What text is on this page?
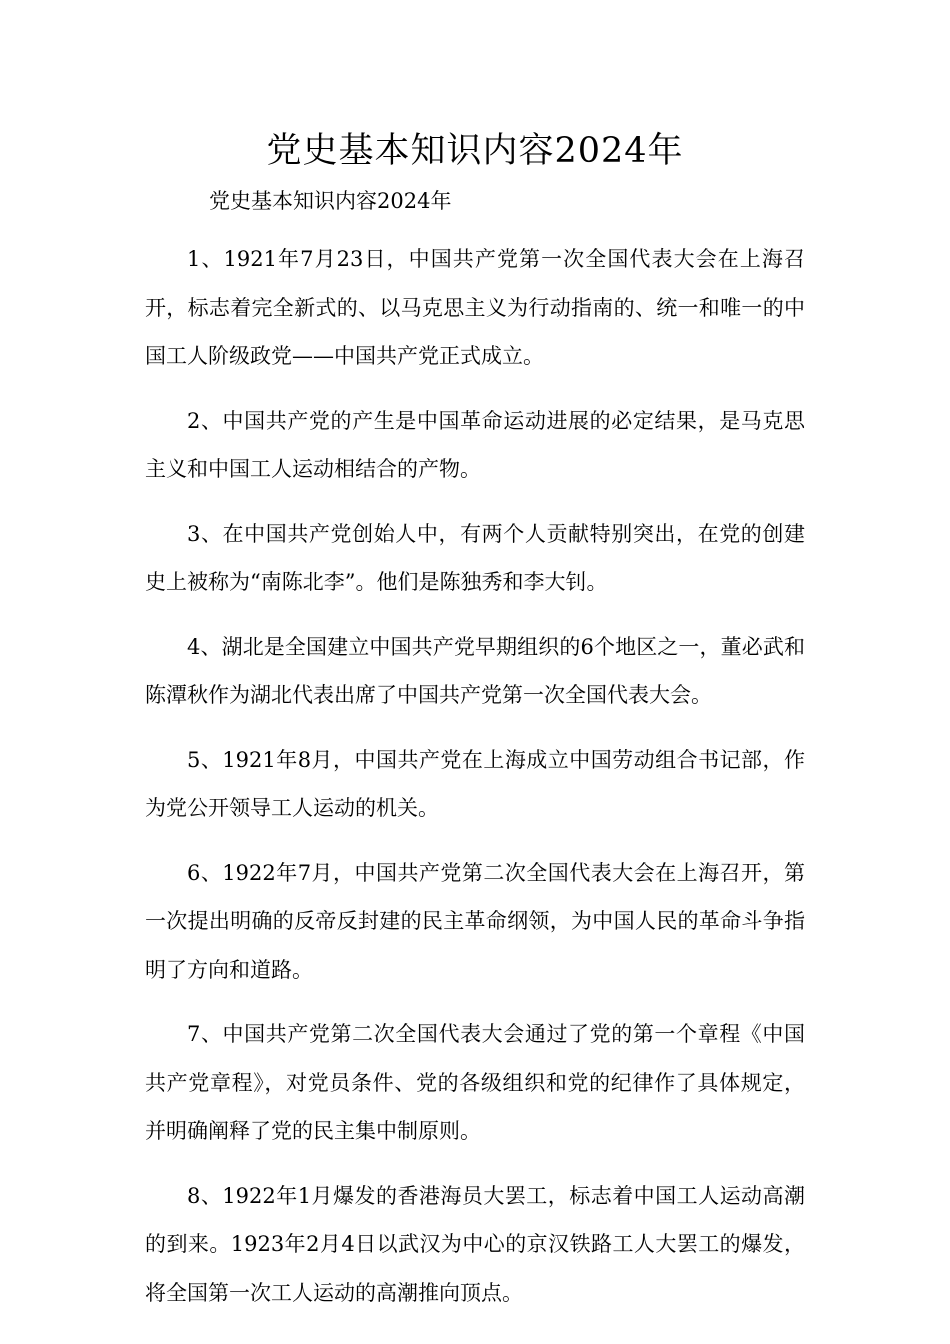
党史基本知识内容2024年

党史基本知识内容2024年

1、1921年7月23日，中国共产党第一次全国代表大会在上海召开，标志着完全新式的、以马克思主义为行动指南的、统一和唯一的中国工人阶级政党——中国共产党正式成立。

2、中国共产党的产生是中国革命运动进展的必定结果，是马克思主义和中国工人运动相结合的产物。

3、在中国共产党创始人中，有两个人贡献特别突出，在党的创建史上被称为“南陈北李”。他们是陈独秀和李大钊。

4、湖北是全国建立中国共产党早期组织的6个地区之一，董必武和陈潭秋作为湖北代表出席了中国共产党第一次全国代表大会。

5、1921年8月，中国共产党在上海成立中国劳动组合书记部，作为党公开领导工人运动的机关。

6、1922年7月，中国共产党第二次全国代表大会在上海召开，第一次提出明确的反帝反封建的民主革命纲领，为中国人民的革命斗争指明了方向和道路。

7、中国共产党第二次全国代表大会通过了党的第一个章程《中国共产党章程》，对党员条件、党的各级组织和党的纪律作了具体规定，并明确阐释了党的民主集中制原则。

8、1922年1月爆发的香港海员大罢工，标志着中国工人运动高潮的到来。1923年2月4日以武汉为中心的京汉铁路工人大罢工的爆发，将全国第一次工人运动的高潮推向顶点。
